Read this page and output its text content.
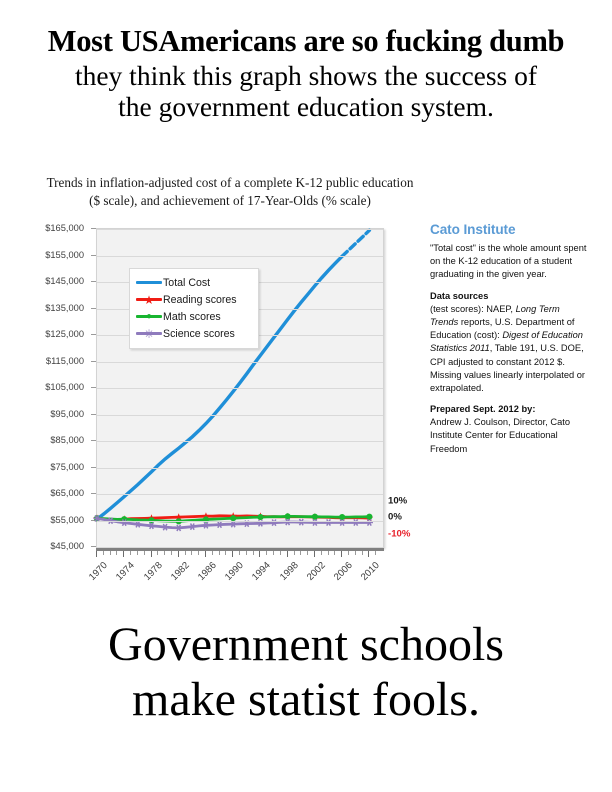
Most USAmericans are so fucking dumb
they think this graph shows the success of
the government education system.
Trends in inflation-adjusted cost of a complete K-12 public education ($ scale), and achievement of 17-Year-Olds (% scale)
$165,000
$155,000
$145,000
$135,000
$125,000
$115,000
$105,000
$95,000
$85,000
$75,000
$65,000
$55,000
$45,000
10%
0%
-10%
1970 1974 1978 1982 1986 1990 1994 1998 2002 2006 2010
Total Cost
★ Reading scores
● Math scores
✳ Science scores
Cato Institute

"Total cost" is the whole amount spent on the K-12 education of a student graduating in the given year.

Data sources
(test scores): NAEP, Long Term Trends reports, U.S. Department of Education (cost): Digest of Education Statistics 2011, Table 191, U.S. DOE, CPI adjusted to constant 2012 $. Missing values linearly interpolated or extrapolated.

Prepared Sept. 2012 by:
Andrew J. Coulson, Director, Cato Institute Center for Educational Freedom

Government schools
make statist fools.
